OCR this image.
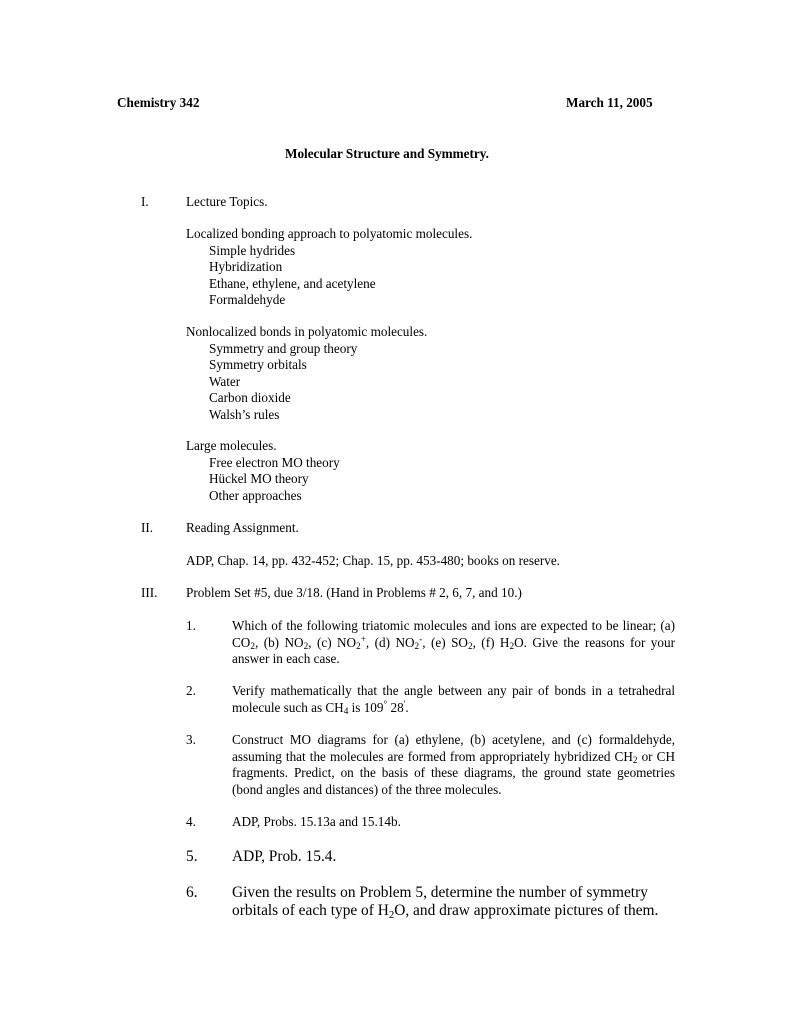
Chemistry 342	March 11, 2005
Molecular Structure and Symmetry.
I.	Lecture Topics.
Localized bonding approach to polyatomic molecules.
Simple hydrides
Hybridization
Ethane, ethylene, and acetylene
Formaldehyde
Nonlocalized bonds in polyatomic molecules.
Symmetry and group theory
Symmetry orbitals
Water
Carbon dioxide
Walsh’s rules
Large molecules.
Free electron MO theory
Hückel MO theory
Other approaches
II. Reading Assignment.
ADP, Chap. 14, pp. 432-452; Chap. 15, pp. 453-480; books on reserve.
III. Problem Set #5, due 3/18. (Hand in Problems # 2, 6, 7, and 10.)
1.	Which of the following triatomic molecules and ions are expected to be linear; (a) $CO_2$, (b) $NO_2$, (c) $NO_2^+$, (d) $NO_2^-$, (e) $SO_2$, (f) $H_2O$. Give the reasons for your answer in each case.
2.	Verify mathematically that the angle between any pair of bonds in a tetrahedral molecule such as $CH_4$ is 109° 28'.
3.	Construct MO diagrams for (a) ethylene, (b) acetylene, and (c) formaldehyde, assuming that the molecules are formed from appropriately hybridized $CH_2$ or CH fragments. Predict, on the basis of these diagrams, the ground state geometries (bond angles and distances) of the three molecules.
4.	ADP, Probs. 15.13a and 15.14b.
5. ADP, Prob. 15.4.
6. Given the results on Problem 5, determine the number of symmetry orbitals of each type of $H_2O$, and draw approximate pictures of them.
